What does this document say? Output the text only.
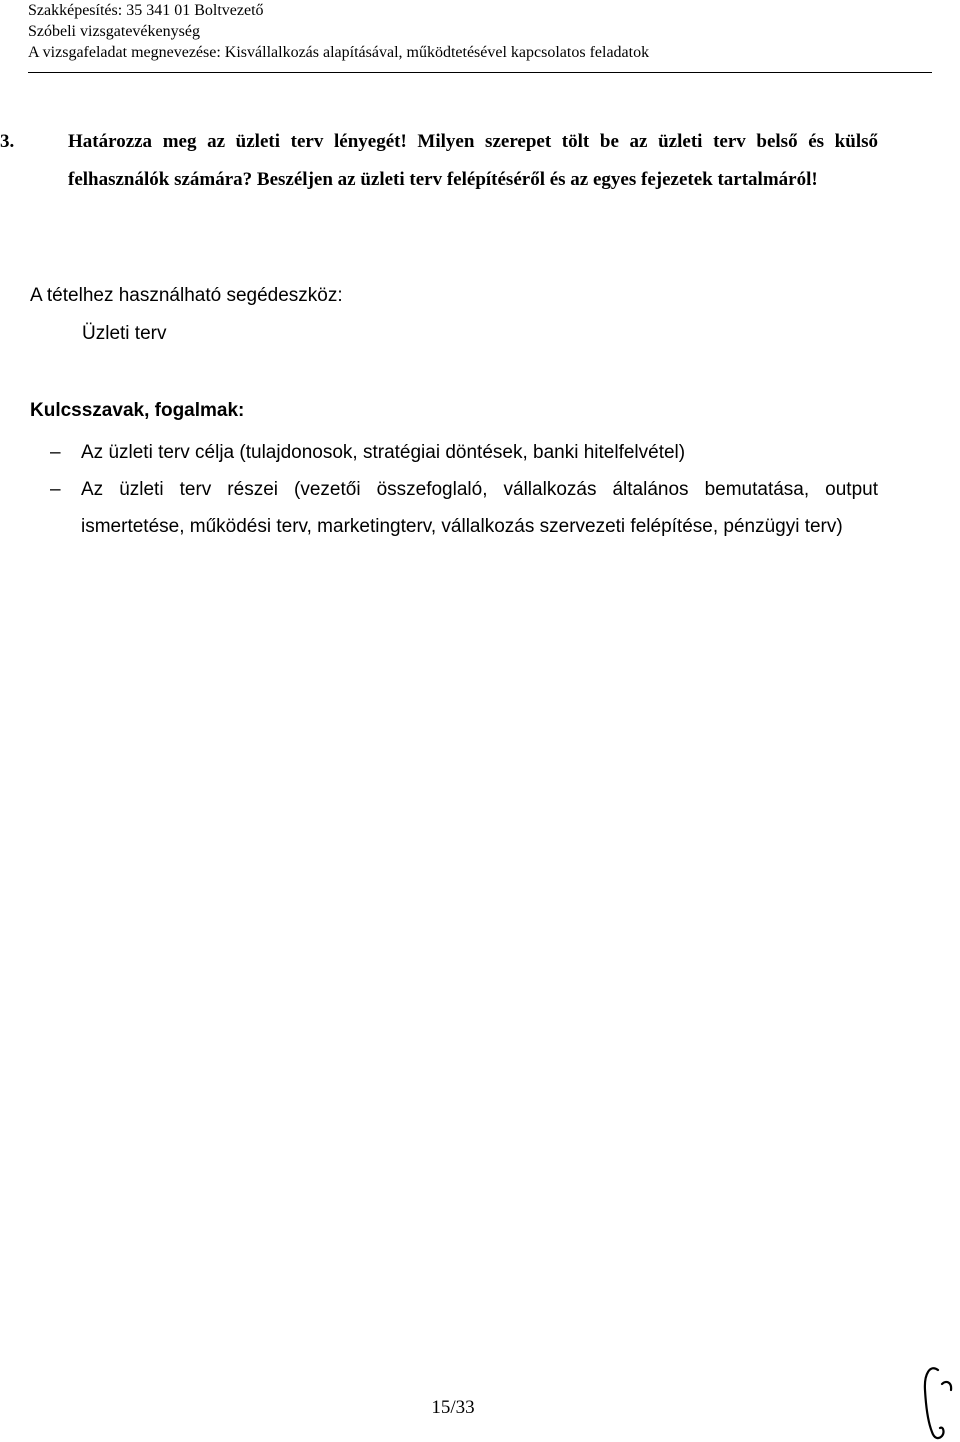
Szakképesítés: 35 341 01 Boltvezető
Szóbeli vizsgatevékenység
A vizsgafeladat megnevezése: Kisvállalkozás alapításával, működtetésével kapcsolatos feladatok
3.	Határozza meg az üzleti terv lényegét! Milyen szerepet tölt be az üzleti terv belső és külső felhasználók számára? Beszéljen az üzleti terv felépítéséről és az egyes fejezetek tartalmáról!
A tételhez használható segédeszköz:
Üzleti terv
Kulcsszavak, fogalmak:
–	Az üzleti terv célja (tulajdonosok, stratégiai döntések, banki hitelfelvétel)
–	Az üzleti terv részei (vezetői összefoglaló, vállalkozás általános bemutatása, output ismertetése, működési terv, marketingterv, vállalkozás szervezeti felépítése, pénzügyi terv)
15/33
